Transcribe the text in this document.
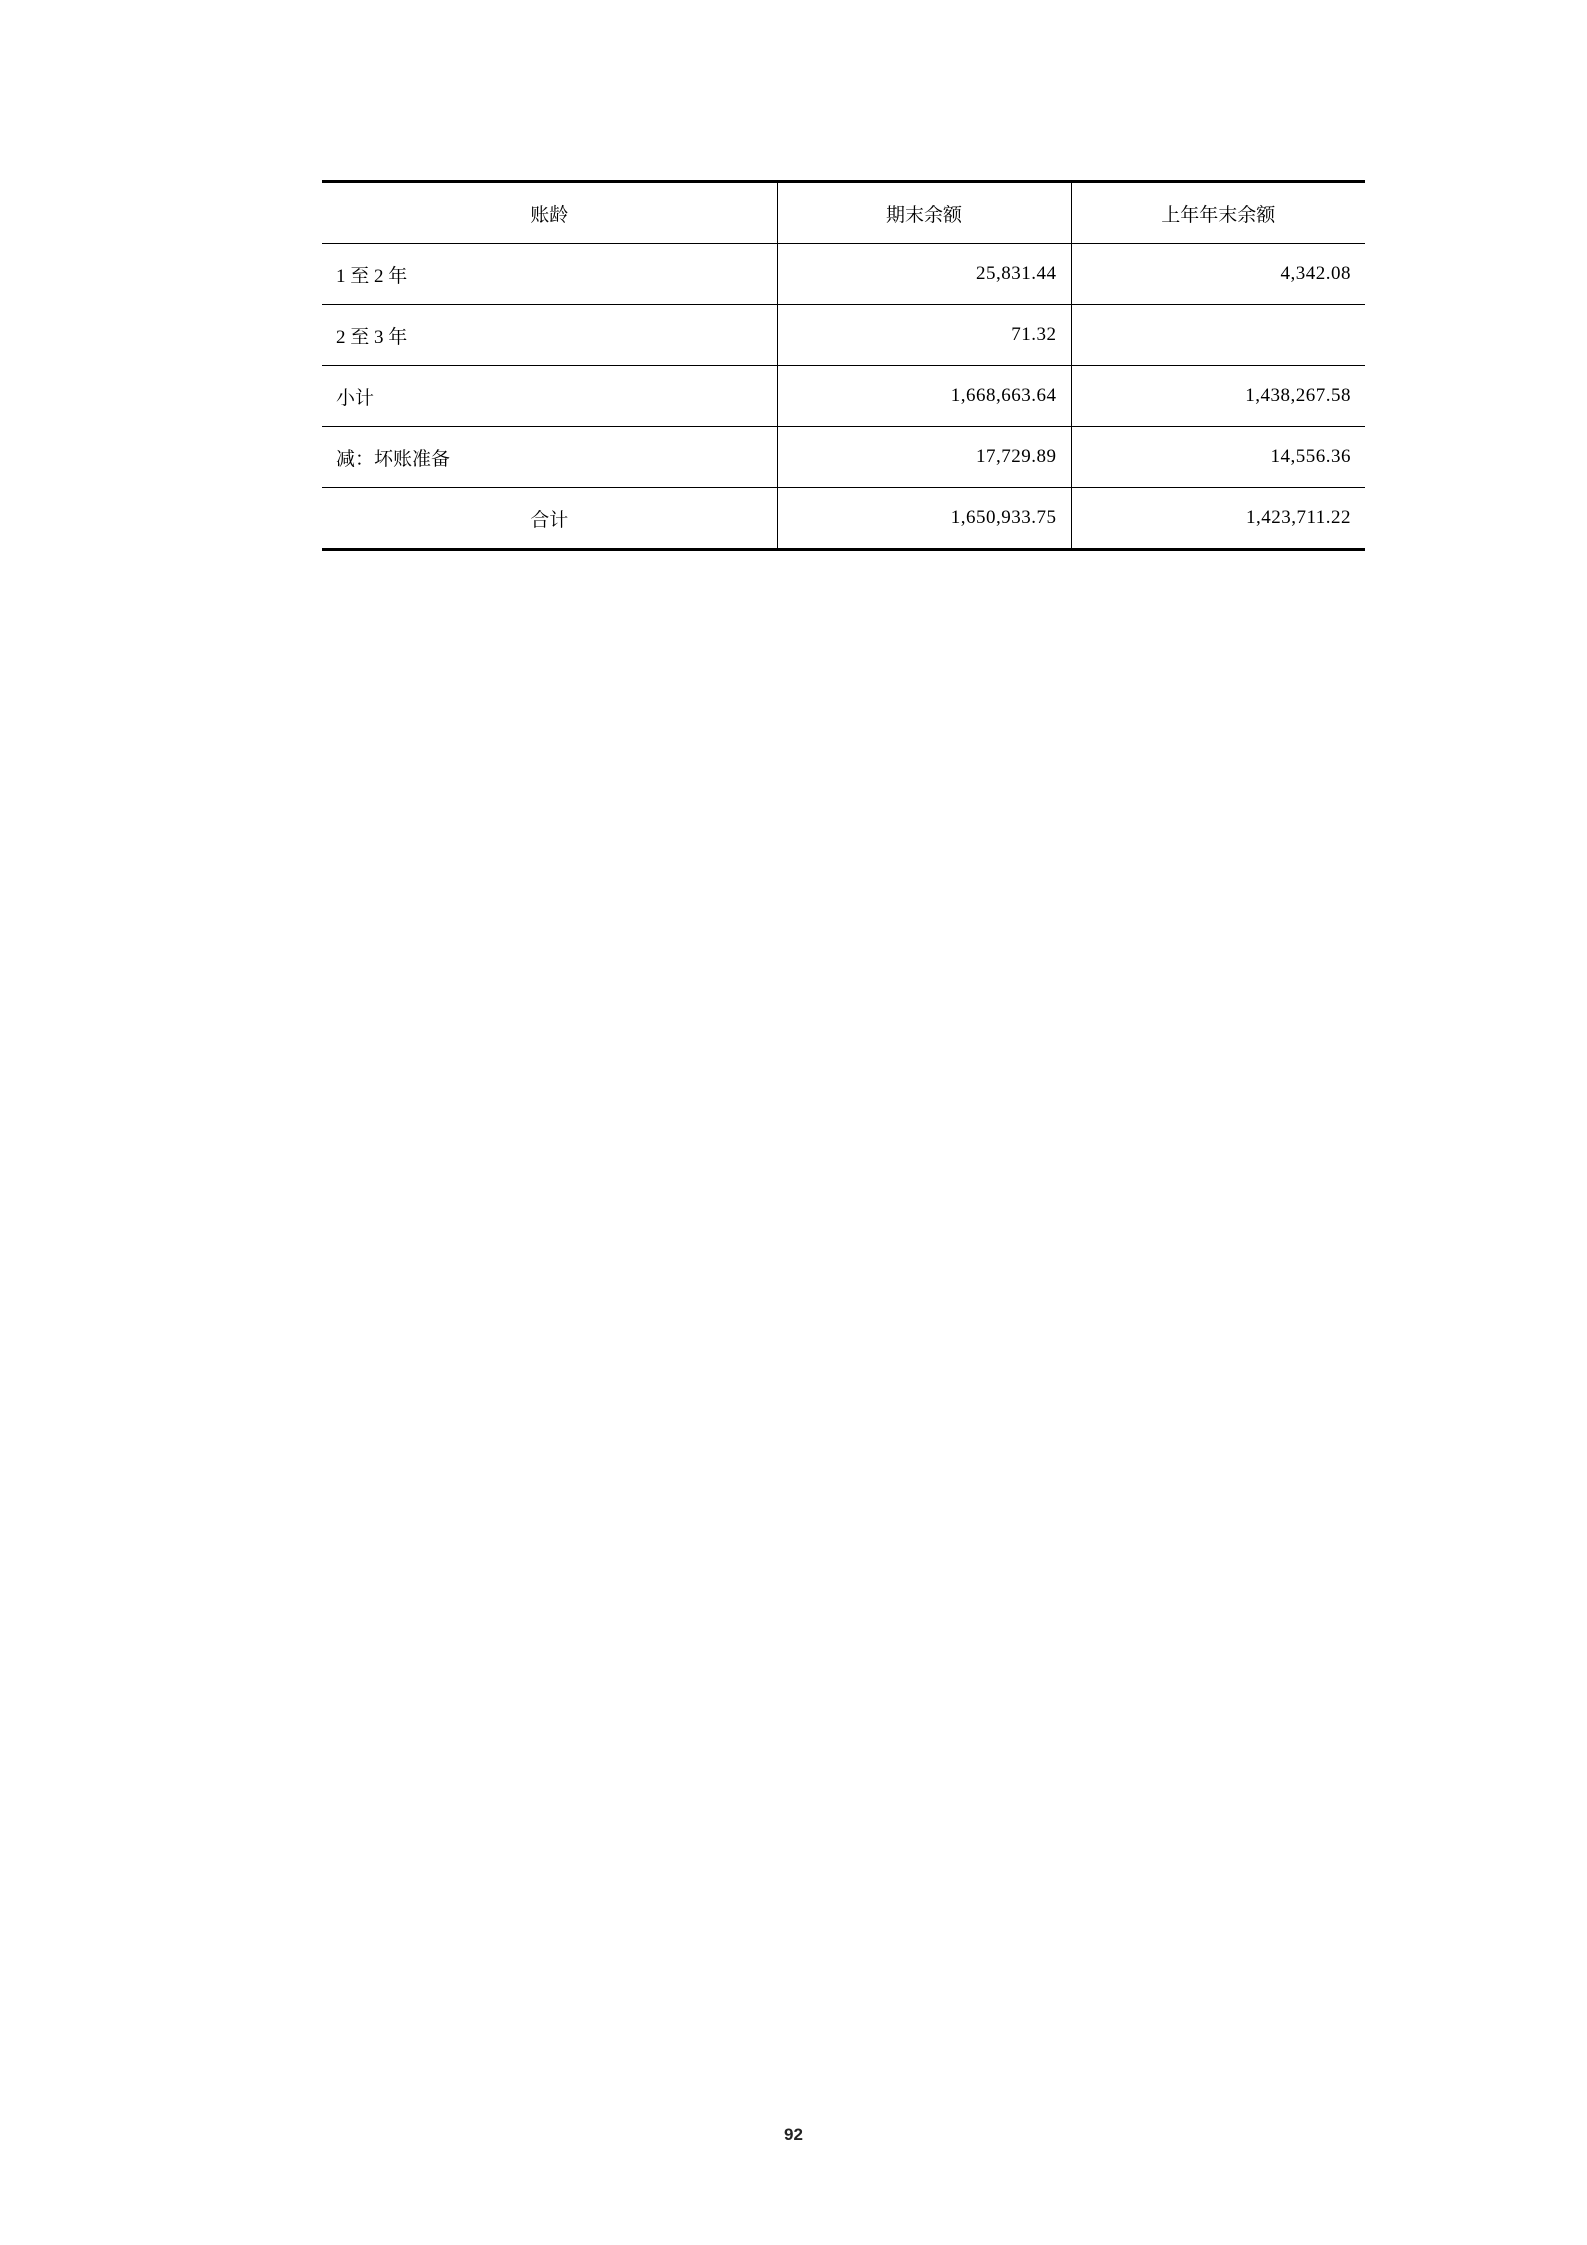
账龄	期末余额	上年年末余额
1 至 2 年	25,831.44	4,342.08
2 至 3 年	71.32	
小计	1,668,663.64	1,438,267.58
减：坏账准备	17,729.89	14,556.36
合计	1,650,933.75	1,423,711.22
92
